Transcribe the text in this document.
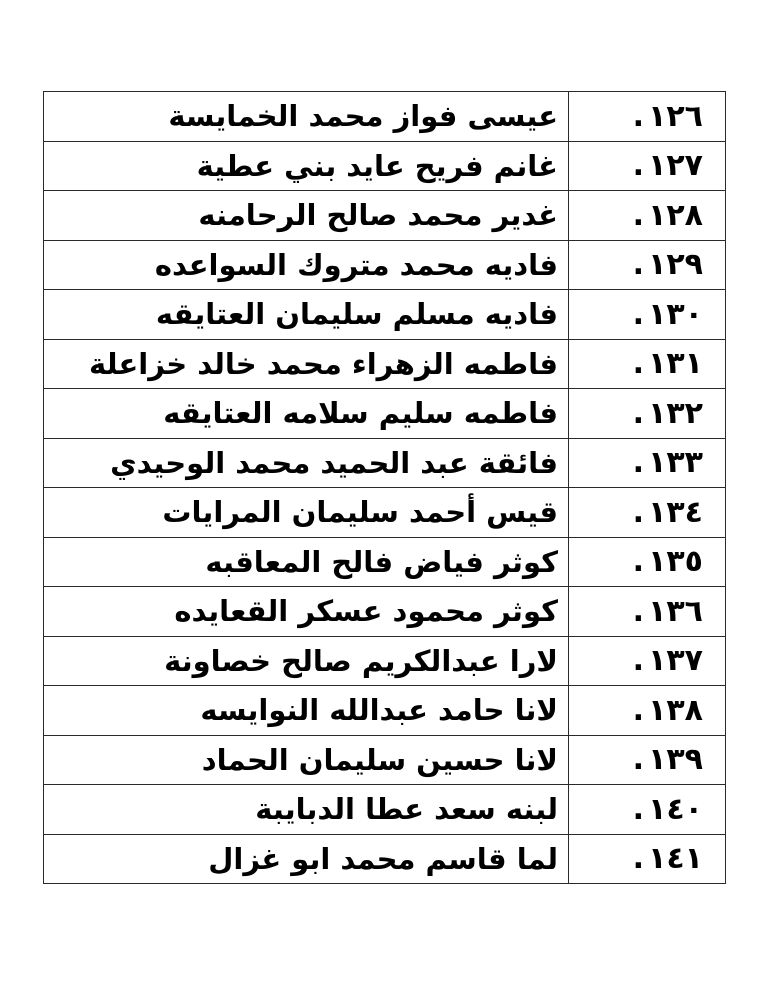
١٢٦.	عيسى فواز محمد الخمايسة
١٢٧.	غانم فريح عايد بني عطية
١٢٨.	غدير محمد صالح الرحامنه
١٢٩.	فاديه محمد متروك السواعده
١٣٠.	فاديه مسلم سليمان العتايقه
١٣١.	فاطمه الزهراء محمد خالد خزاعلة
١٣٢.	فاطمه سليم سلامه العتايقه
١٣٣.	فائقة عبد الحميد محمد الوحيدي
١٣٤.	قيس أحمد سليمان المرايات
١٣٥.	كوثر فياض فالح المعاقبه
١٣٦.	كوثر محمود عسكر القعايده
١٣٧.	لارا عبدالكريم صالح خصاونة
١٣٨.	لانا حامد عبدالله النوايسه
١٣٩.	لانا حسين سليمان الحماد
١٤٠.	لبنه سعد عطا الدبايبة
١٤١.	لما قاسم محمد ابو غزال
